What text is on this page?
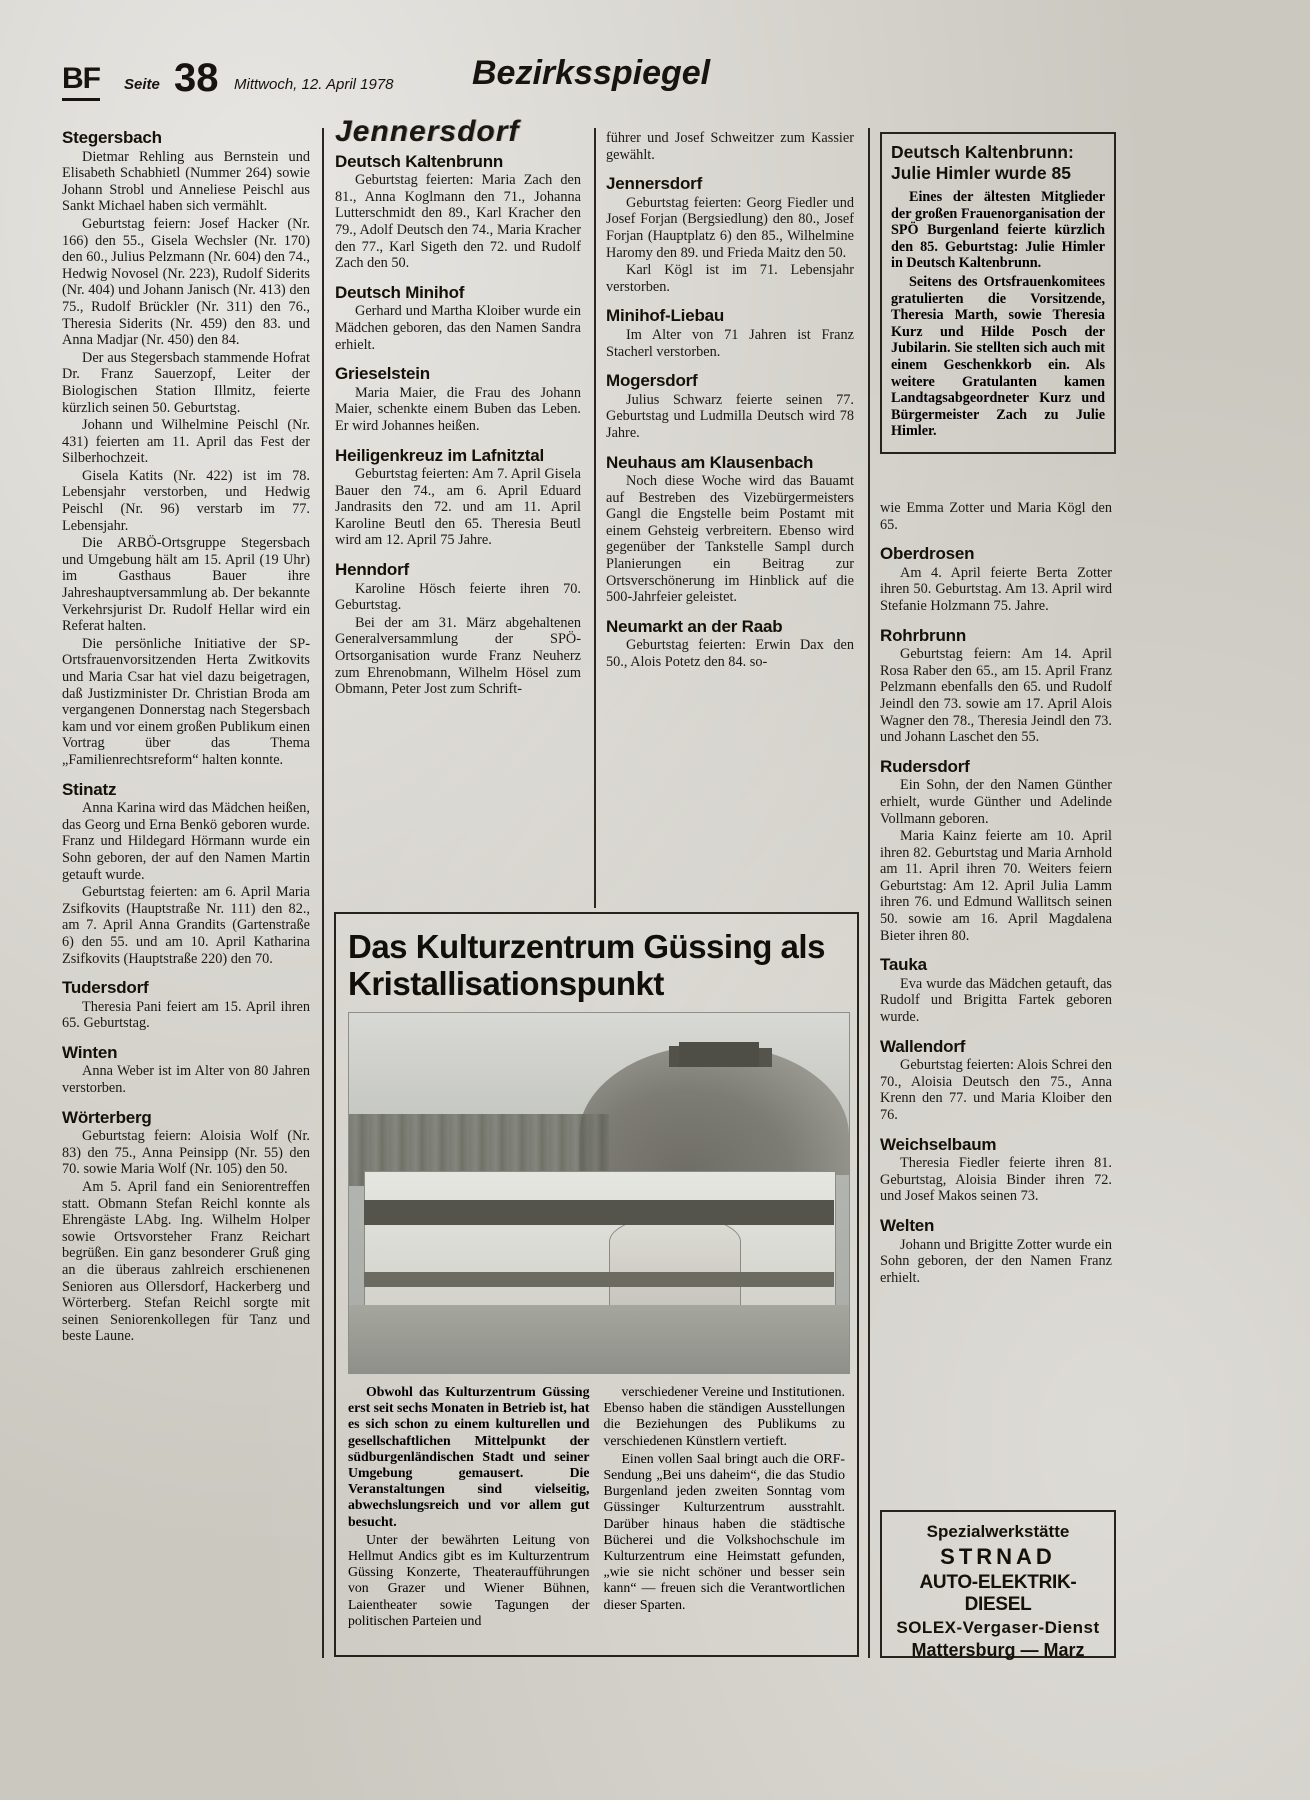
BF Seite 38 Mittwoch, 12. April 1978 Bezirksspiegel
Stegersbach

Dietmar Rehling aus Bernstein und Elisabeth Schabhietl (Nummer 264) sowie Johann Strobl und Anneliese Peischl aus Sankt Michael haben sich vermählt.

Geburtstag feiern: Josef Hacker (Nr. 166) den 55., Gisela Wechsler (Nr. 170) den 60., Julius Pelzmann (Nr. 604) den 74., Hedwig Novosel (Nr. 223), Rudolf Siderits (Nr. 404) und Johann Janisch (Nr. 413) den 75., Rudolf Brückler (Nr. 311) den 76., Theresia Siderits (Nr. 459) den 83. und Anna Madjar (Nr. 450) den 84.

Der aus Stegersbach stammende Hofrat Dr. Franz Sauerzopf, Leiter der Biologischen Station Illmitz, feierte kürzlich seinen 50. Geburtstag.

Johann und Wilhelmine Peischl (Nr. 431) feierten am 11. April das Fest der Silberhochzeit.

Gisela Katits (Nr. 422) ist im 78. Lebensjahr verstorben, und Hedwig Peischl (Nr. 96) verstarb im 77. Lebensjahr.

Die ARBÖ-Ortsgruppe Stegersbach und Umgebung hält am 15. April (19 Uhr) im Gasthaus Bauer ihre Jahreshauptversammlung ab. Der bekannte Verkehrsjurist Dr. Rudolf Hellar wird ein Referat halten.

Die persönliche Initiative der SP-Ortsfrauenvorsitzenden Herta Zwitkovits und Maria Csar hat viel dazu beigetragen, daß Justizminister Dr. Christian Broda am vergangenen Donnerstag nach Stegersbach kam und vor einem großen Publikum einen Vortrag über das Thema „Familienrechtsreform“ halten konnte.

Stinatz

Anna Karina wird das Mädchen heißen, das Georg und Erna Benkö geboren wurde. Franz und Hildegard Hörmann wurde ein Sohn geboren, der auf den Namen Martin getauft wurde.

Geburtstag feierten: am 6. April Maria Zsifkovits (Hauptstraße Nr. 111) den 82., am 7. April Anna Grandits (Gartenstraße 6) den 55. und am 10. April Katharina Zsifkovits (Hauptstraße 220) den 70.

Tudersdorf

Theresia Pani feiert am 15. April ihren 65. Geburtstag.

Winten

Anna Weber ist im Alter von 80 Jahren verstorben.

Wörterberg

Geburtstag feiern: Aloisia Wolf (Nr. 83) den 75., Anna Peinsipp (Nr. 55) den 70. sowie Maria Wolf (Nr. 105) den 50.

Am 5. April fand ein Seniorentreffen statt. Obmann Stefan Reichl konnte als Ehrengäste LAbg. Ing. Wilhelm Holper sowie Ortsvorsteher Franz Reichart begrüßen. Ein ganz besonderer Gruß ging an die überaus zahlreich erschienenen Senioren aus Ollersdorf, Hackerberg und Wörterberg. Stefan Reichl sorgte mit seinen Seniorenkollegen für Tanz und beste Laune.

Jennersdorf
Deutsch Kaltenbrunn

Geburtstag feierten: Maria Zach den 81., Anna Koglmann den 71., Johanna Lutterschmidt den 89., Karl Kracher den 79., Adolf Deutsch den 74., Maria Kracher den 77., Karl Sigeth den 72. und Rudolf Zach den 50.

Deutsch Minihof

Gerhard und Martha Kloiber wurde ein Mädchen geboren, das den Namen Sandra erhielt.

Grieselstein

Maria Maier, die Frau des Johann Maier, schenkte einem Buben das Leben. Er wird Johannes heißen.

Heiligenkreuz im Lafnitztal

Geburtstag feierten: Am 7. April Gisela Bauer den 74., am 6. April Eduard Jandrasits den 72. und am 11. April Karoline Beutl den 65. Theresia Beutl wird am 12. April 75 Jahre.

Henndorf

Karoline Hösch feierte ihren 70. Geburtstag.

Bei der am 31. März abgehaltenen Generalversammlung der SPÖ-Ortsorganisation wurde Franz Neuherz zum Ehrenobmann, Wilhelm Hösel zum Obmann, Peter Jost zum Schrift-

führer und Josef Schweitzer zum Kassier gewählt.

Jennersdorf

Geburtstag feierten: Georg Fiedler und Josef Forjan (Bergsiedlung) den 80., Josef Forjan (Hauptplatz 6) den 85., Wilhelmine Haromy den 89. und Frieda Maitz den 50.

Karl Kögl ist im 71. Lebensjahr verstorben.

Minihof-Liebau

Im Alter von 71 Jahren ist Franz Stacherl verstorben.

Mogersdorf

Julius Schwarz feierte seinen 77. Geburtstag und Ludmilla Deutsch wird 78 Jahre.

Neuhaus am Klausenbach

Noch diese Woche wird das Bauamt auf Bestreben des Vizebürgermeisters Gangl die Engstelle beim Postamt mit einem Gehsteig verbreitern. Ebenso wird gegenüber der Tankstelle Sampl durch Planierungen ein Beitrag zur Ortsverschönerung im Hinblick auf die 500-Jahrfeier geleistet.

Neumarkt an der Raab

Geburtstag feierten: Erwin Dax den 50., Alois Potetz den 84. so-

Deutsch Kaltenbrunn: Julie Himler wurde 85

Eines der ältesten Mitglieder der großen Frauenorganisation der SPÖ Burgenland feierte kürzlich den 85. Geburtstag: Julie Himler in Deutsch Kaltenbrunn.

Seitens des Ortsfrauenkomitees gratulierten die Vorsitzende, Theresia Marth, sowie Theresia Kurz und Hilde Posch der Jubilarin. Sie stellten sich auch mit einem Geschenkkorb ein. Als weitere Gratulanten kamen Landtagsabgeordneter Kurz und Bürgermeister Zach zu Julie Himler.

wie Emma Zotter und Maria Kögl den 65.

Oberdrosen

Am 4. April feierte Berta Zotter ihren 50. Geburtstag. Am 13. April wird Stefanie Holzmann 75. Jahre.

Rohrbrunn

Geburtstag feiern: Am 14. April Rosa Raber den 65., am 15. April Franz Pelzmann ebenfalls den 65. und Rudolf Jeindl den 73. sowie am 17. April Alois Wagner den 78., Theresia Jeindl den 73. und Johann Laschet den 55.

Rudersdorf

Ein Sohn, der den Namen Günther erhielt, wurde Günther und Adelinde Vollmann geboren.

Maria Kainz feierte am 10. April ihren 82. Geburtstag und Maria Arnhold am 11. April ihren 70. Weiters feiern Geburtstag: Am 12. April Julia Lamm ihren 76. und Edmund Wallitsch seinen 50. sowie am 16. April Magdalena Bieter ihren 80.

Tauka

Eva wurde das Mädchen getauft, das Rudolf und Brigitta Fartek geboren wurde.

Wallendorf

Geburtstag feierten: Alois Schrei den 70., Aloisia Deutsch den 75., Anna Krenn den 77. und Maria Kloiber den 76.

Weichselbaum

Theresia Fiedler feierte ihren 81. Geburtstag, Aloisia Binder ihren 72. und Josef Makos seinen 73.

Welten

Johann und Brigitte Zotter wurde ein Sohn geboren, der den Namen Franz erhielt.

Das Kulturzentrum Güssing als Kristallisationspunkt

Obwohl das Kulturzentrum Güssing erst seit sechs Monaten in Betrieb ist, hat es sich schon zu einem kulturellen und gesellschaftlichen Mittelpunkt der südburgenländischen Stadt und seiner Umgebung gemausert. Die Veranstaltungen sind vielseitig, abwechslungsreich und vor allem gut besucht.

Unter der bewährten Leitung von Hellmut Andics gibt es im Kulturzentrum Güssing Konzerte, Theateraufführungen von Grazer und Wiener Bühnen, Laientheater sowie Tagungen der politischen Parteien und

verschiedener Vereine und Institutionen. Ebenso haben die ständigen Ausstellungen die Beziehungen des Publikums zu verschiedenen Künstlern vertieft.

Einen vollen Saal bringt auch die ORF-Sendung „Bei uns daheim“, die das Studio Burgenland jeden zweiten Sonntag vom Güssinger Kulturzentrum ausstrahlt. Darüber hinaus haben die städtische Bücherei und die Volkshochschule im Kulturzentrum eine Heimstatt gefunden, „wie sie nicht schöner und besser sein kann“ — freuen sich die Verantwortlichen dieser Sparten.

Spezialwerkstätte
STRNAD
AUTO-ELEKTRIK-DIESEL
SOLEX-Vergaser-Dienst
Mattersburg — Marz
